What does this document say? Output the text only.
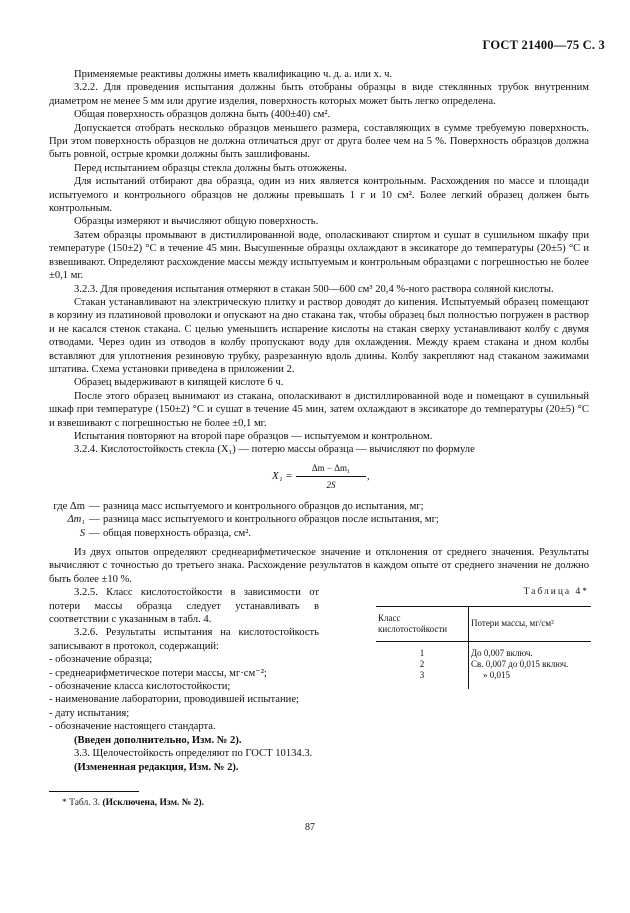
ГОСТ 21400—75 С. 3

Применяемые реактивы должны иметь квалификацию ч. д. а. или х. ч.

3.2.2. Для проведения испытания должны быть отобраны образцы в виде стеклянных трубок внутренним диаметром не менее 5 мм или другие изделия, поверхность которых может быть легко определена.

Общая поверхность образцов должна быть (400±40) см².

Допускается отобрать несколько образцов меньшего размера, составляющих в сумме требуемую поверхность. При этом поверхность образцов не должна отличаться друг от друга более чем на 5 %. Поверхность образцов должна быть ровной, острые кромки должны быть зашлифованы.

Перед испытанием образцы стекла должны быть отожжены.

Для испытаний отбирают два образца, один из них является контрольным. Расхождения по массе и площади испытуемого и контрольного образцов не должны превышать 1 г и 10 см². Более легкий образец должен быть контрольным.

Образцы измеряют и вычисляют общую поверхность.

Затем образцы промывают в дистиллированной воде, ополаскивают спиртом и сушат в сушильном шкафу при температуре (150±2) °С в течение 45 мин. Высушенные образцы охлаждают в эксикаторе до температуры (20±5) °С и взвешивают. Определяют расхождение массы между испытуемым и контрольным образцами с погрешностью не более ±0,1 мг.

3.2.3. Для проведения испытания отмеряют в стакан 500—600 см³ 20,4 %-ного раствора соляной кислоты.

Стакан устанавливают на электрическую плитку и раствор доводят до кипения. Испытуемый образец помещают в корзину из платиновой проволоки и опускают на дно стакана так, чтобы образец был полностью погружен в раствор и не касался стенок стакана. С целью уменьшить испарение кислоты на стакан сверху устанавливают колбу с двумя отводами. Через один из отводов в колбу пропускают воду для охлаждения. Между краем стакана и дном колбы вставляют для уплотнения резиновую трубку, разрезанную вдоль длины. Колбу закрепляют над стаканом зажимами штатива. Схема установки приведена в приложении 2.

Образец выдерживают в кипящей кислоте 6 ч.

После этого образец вынимают из стакана, ополаскивают в дистиллированной воде и помещают в сушильный шкаф при температуре (150±2) °С и сушат в течение 45 мин, затем охлаждают в эксикаторе до температуры (20±5) °С и взвешивают с погрешностью не более ±0,1 мг.

Испытания повторяют на второй паре образцов — испытуемом и контрольном.

3.2.4. Кислотостойкость стекла (X₁) — потерю массы образца — вычисляют по формуле

$X_1 = \frac{\text{Δm − Δm₁}}{2S}$ ,
где Δm — разница масс испытуемого и контрольного образцов до испытания, мг;
Δm₁ — разница масс испытуемого и контрольного образцов после испытания, мг;
S — общая поверхность образца, см².

Из двух опытов определяют среднеарифметическое значение и отклонения от среднего значения. Результаты вычисляют с точностью до третьего знака. Расхождение результатов в каждом опыте от среднего значения не должно быть более ±10 %.

3.2.5. Класс кислотостойкости в зависимости от потери массы образца следует устанавливать в соответствии с указанным в табл. 4.

3.2.6. Результаты испытания на кислотостойкость записывают в протокол, содержащий:

- обозначение образца;
- среднеарифметическое потери массы, мг·см⁻²;
- обозначение класса кислотостойкости;
- наименование лаборатории, проводившей испытание;
- дату испытания;
- обозначение настоящего стандарта.

(Введен дополнительно, Изм. № 2).

3.3. Щелочестойкость определяют по ГОСТ 10134.3.

(Измененная редакция, Изм. № 2).

Таблица 4*
Класс кислотостойкости	Потери массы, мг/см²
1	До 0,007 включ.
2	Св. 0,007 до 0,015 включ.
3	» 0,015
* Табл. 3. (Исключена, Изм. № 2).
87
